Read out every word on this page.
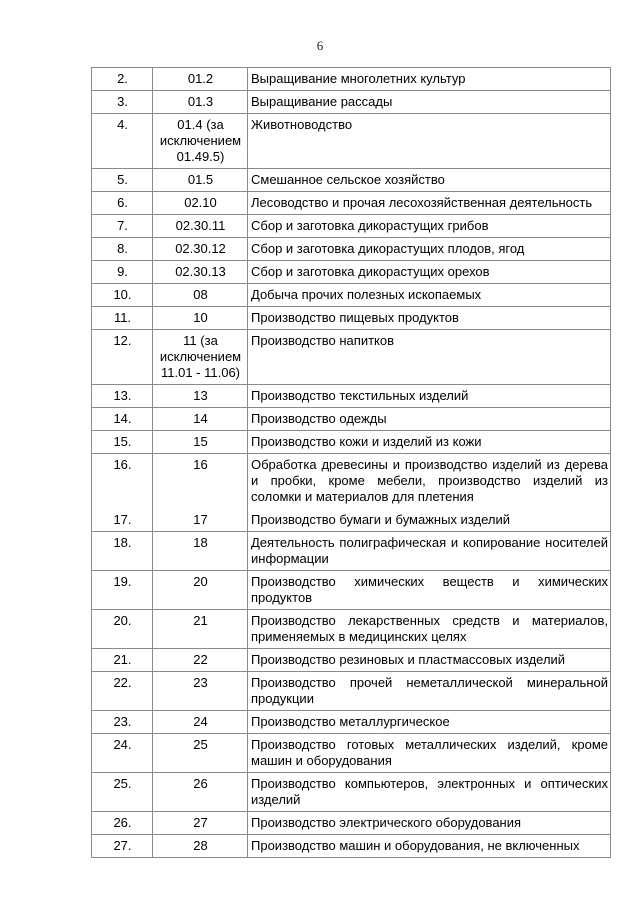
6
2.	01.2	Выращивание многолетних культур
3.	01.3	Выращивание рассады
4.	01.4 (за исключением 01.49.5)	Животноводство
5.	01.5	Смешанное сельское хозяйство
6.	02.10	Лесоводство и прочая лесохозяйственная деятельность
7.	02.30.11	Сбор и заготовка дикорастущих грибов
8.	02.30.12	Сбор и заготовка дикорастущих плодов, ягод
9.	02.30.13	Сбор и заготовка дикорастущих орехов
10.	08	Добыча прочих полезных ископаемых
11.	10	Производство пищевых продуктов
12.	11 (за исключением 11.01 - 11.06)	Производство напитков
13.	13	Производство текстильных изделий
14.	14	Производство одежды
15.	15	Производство кожи и изделий из кожи
16.	16	Обработка древесины и производство изделий из дерева и пробки, кроме мебели, производство изделий из соломки и материалов для плетения
17.	17	Производство бумаги и бумажных изделий
18.	18	Деятельность полиграфическая и копирование носителей информации
19.	20	Производство химических веществ и химических продуктов
20.	21	Производство лекарственных средств и материалов, применяемых в медицинских целях
21.	22	Производство резиновых и пластмассовых изделий
22.	23	Производство прочей неметаллической минеральной продукции
23.	24	Производство металлургическое
24.	25	Производство готовых металлических изделий, кроме машин и оборудования
25.	26	Производство компьютеров, электронных и оптических изделий
26.	27	Производство электрического оборудования
27.	28	Производство машин и оборудования, не включенных
